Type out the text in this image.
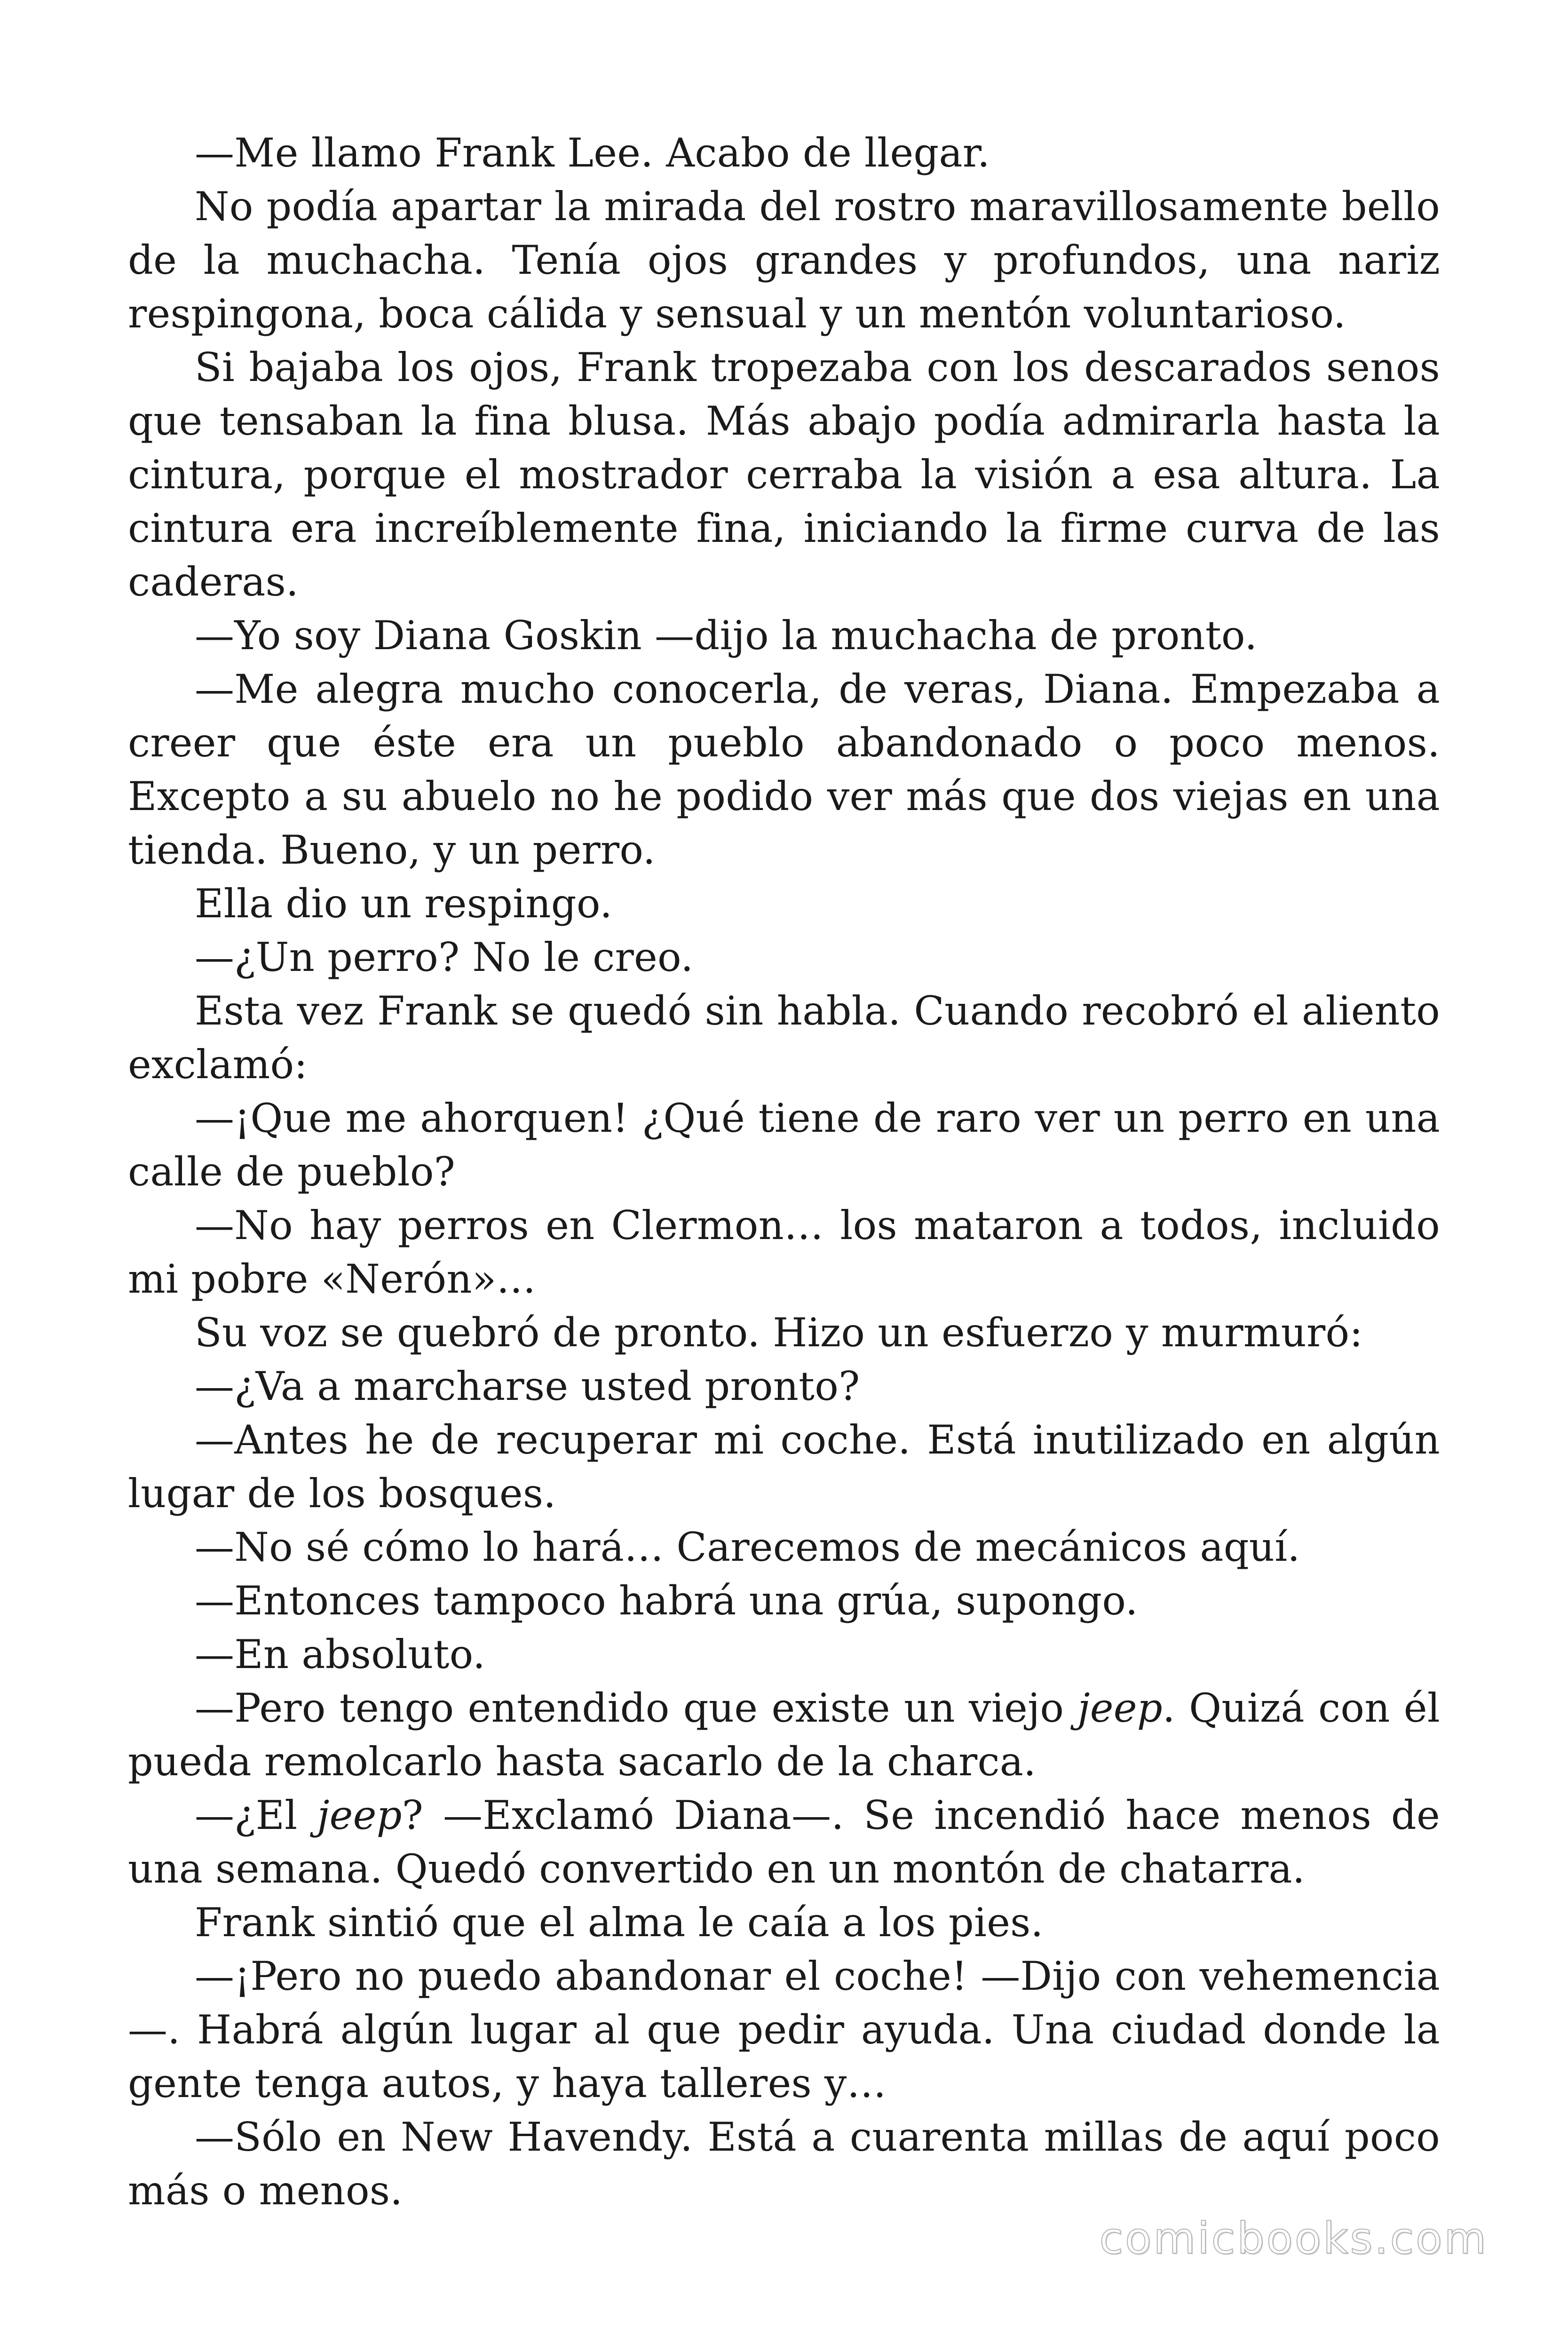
—Me llamo Frank Lee. Acabo de llegar.

No podía apartar la mirada del rostro maravillosamente bello de la muchacha. Tenía ojos grandes y profundos, una nariz respingona, boca cálida y sensual y un mentón voluntarioso.

Si bajaba los ojos, Frank tropezaba con los descarados senos que tensaban la fina blusa. Más abajo podía admirarla hasta la cintura, porque el mostrador cerraba la visión a esa altura. La cintura era increíblemente fina, iniciando la firme curva de las caderas.

—Yo soy Diana Goskin —dijo la muchacha de pronto.

—Me alegra mucho conocerla, de veras, Diana. Empezaba a creer que éste era un pueblo abandonado o poco menos. Excepto a su abuelo no he podido ver más que dos viejas en una tienda. Bueno, y un perro.

Ella dio un respingo.

—¿Un perro? No le creo.

Esta vez Frank se quedó sin habla. Cuando recobró el aliento exclamó:

—¡Que me ahorquen! ¿Qué tiene de raro ver un perro en una calle de pueblo?

—No hay perros en Clermon… los mataron a todos, incluido mi pobre «Nerón»…

Su voz se quebró de pronto. Hizo un esfuerzo y murmuró:

—¿Va a marcharse usted pronto?

—Antes he de recuperar mi coche. Está inutilizado en algún lugar de los bosques.

—No sé cómo lo hará… Carecemos de mecánicos aquí.

—Entonces tampoco habrá una grúa, supongo.

—En absoluto.

—Pero tengo entendido que existe un viejo jeep. Quizá con él pueda remolcarlo hasta sacarlo de la charca.

—¿El jeep? —Exclamó Diana—. Se incendió hace menos de una semana. Quedó convertido en un montón de chatarra.

Frank sintió que el alma le caía a los pies.

—¡Pero no puedo abandonar el coche! —Dijo con vehemencia—. Habrá algún lugar al que pedir ayuda. Una ciudad donde la gente tenga autos, y haya talleres y…

—Sólo en New Havendy. Está a cuarenta millas de aquí poco más o menos.

comicbooks.com
